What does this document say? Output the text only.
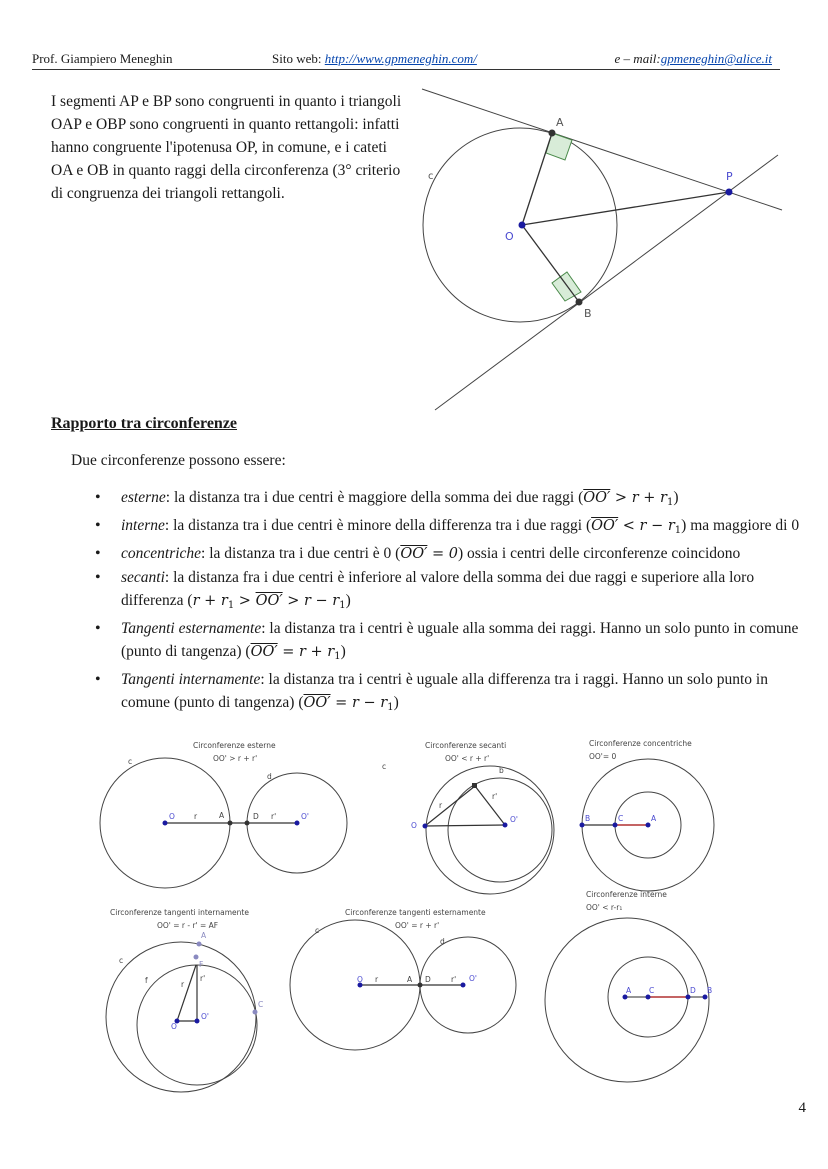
Prof. Giampiero Meneghin	Sito web: http://www.gpmeneghin.com/	e – mail:gpmeneghin@alice.it
I segmenti AP e BP sono congruenti in quanto i triangoli OAP e OBP sono congruenti in quanto rettangoli: infatti hanno congruente l'ipotenusa OP, in comune, e i cateti OA e OB in quanto raggi della circonferenza (3° criterio di congruenza dei triangoli rettangoli.
A
B
O
P
c
Rapporto tra circonferenze
Due circonferenze possono essere:
• esterne: la distanza tra i due centri è maggiore della somma dei due raggi $(OO' > r + r_1)$
• interne: la distanza tra i due centri è minore della differenza tra i due raggi $(OO' < r - r_1)$ ma maggiore di 0
• concentriche: la distanza tra i due centri è 0 (OO′ = 0) ossia i centri delle circonferenze coincidono
• secanti: la distanza fra i due centri è inferiore al valore della somma dei due raggi e superiore alla loro differenza $(r + r_1 > OO' > r - r_1)$
• Tangenti esternamente: la distanza tra i centri è uguale alla somma dei raggi. Hanno un solo punto in comune (punto di tangenza) $(OO' = r + r_1)$
• Tangenti internamente: la distanza tra i centri è uguale alla differenza tra i raggi. Hanno un solo punto in comune (punto di tangenza) $(OO' = r - r_1)$
Circonferenze esterne
OO' > r + r'
c
d
O	r	A	D r'	O'
Circonferenze secanti
OO' < r + r'
c	b
O
O'
r
r'
Circonferenze concentriche
OO'= 0
B	C	A
Circonferenze tangenti internamente
OO' = r - r' = AF
c
f
O
O'
r
r'
A
F
C
Circonferenze tangenti esternamente
OO' = r + r'
c
d
O r	A D	r' O'
Circonferenze interne
OO' < r-r₁
A C	D B
4
